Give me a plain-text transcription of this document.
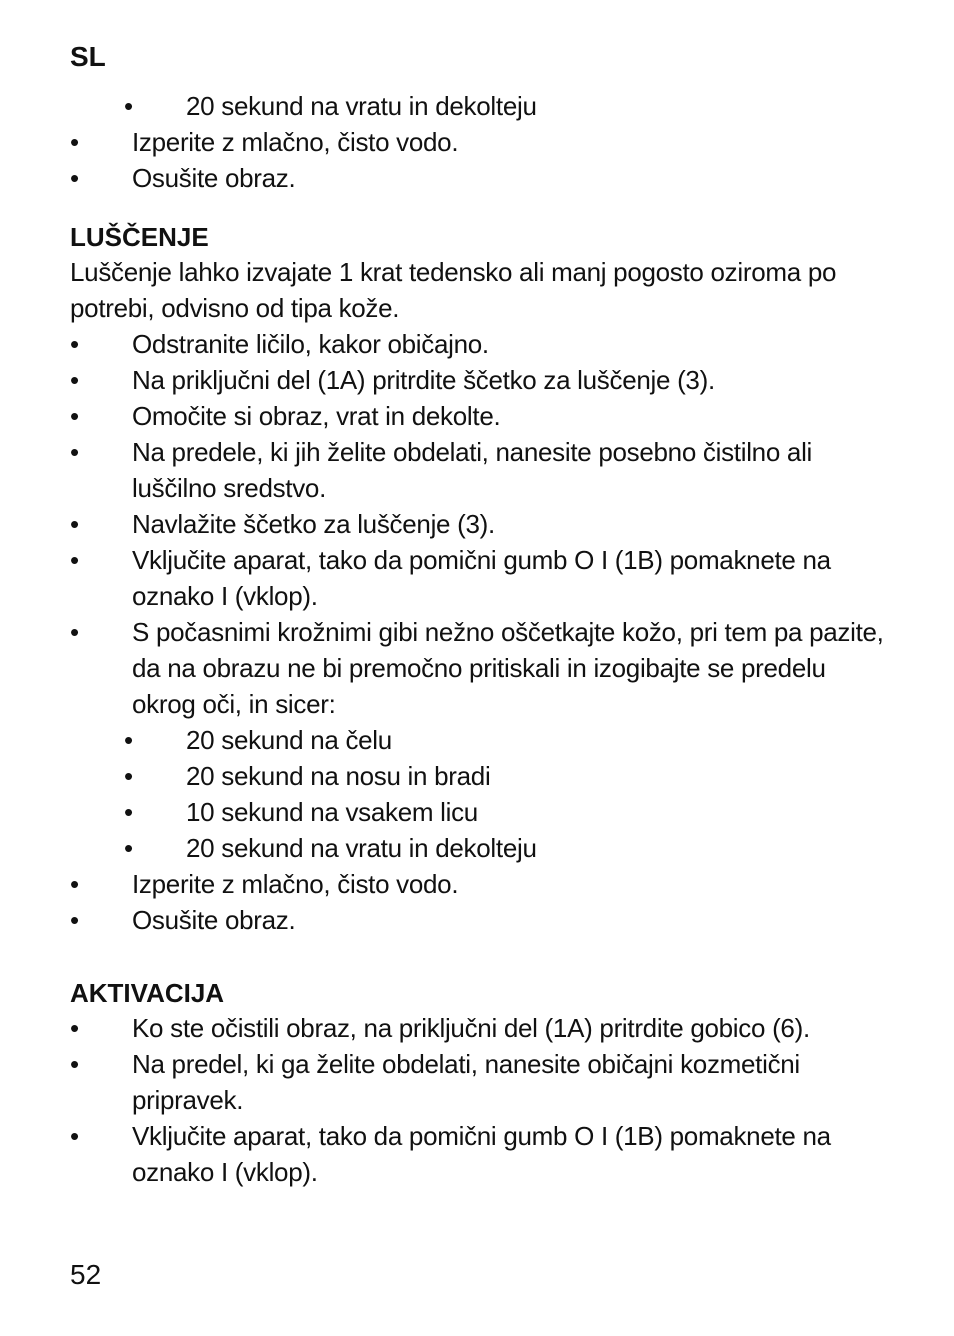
SL
• 20 sekund na vratu in dekolteju
• Izperite z mlačno, čisto vodo.
• Osušite obraz.
LUŠČENJE

Luščenje lahko izvajate 1 krat tedensko ali manj pogosto oziroma po potrebi, odvisno od tipa kože.

• Odstranite ličilo, kakor običajno.
• Na priključni del (1A) pritrdite ščetko za luščenje (3).
• Omočite si obraz, vrat in dekolte.
• Na predele, ki jih želite obdelati, nanesite posebno čistilno ali luščilno sredstvo.
• Navlažite ščetko za luščenje (3).
• Vključite aparat, tako da pomični gumb O I (1B) pomaknete na oznako I (vklop).
• S počasnimi krožnimi gibi nežno oščetkajte kožo, pri tem pa pazite, da na obrazu ne bi premočno pritiskali in izogibajte se predelu okrog oči, in sicer:
• 20 sekund na čelu
• 20 sekund na nosu in bradi
• 10 sekund na vsakem licu
• 20 sekund na vratu in dekolteju
• Izperite z mlačno, čisto vodo.
• Osušite obraz.
AKTIVACIJA
• Ko ste očistili obraz, na priključni del (1A) pritrdite gobico (6).
• Na predel, ki ga želite obdelati, nanesite običajni kozmetični pripravek.
• Vključite aparat, tako da pomični gumb O I (1B) pomaknete na oznako I (vklop).
52
